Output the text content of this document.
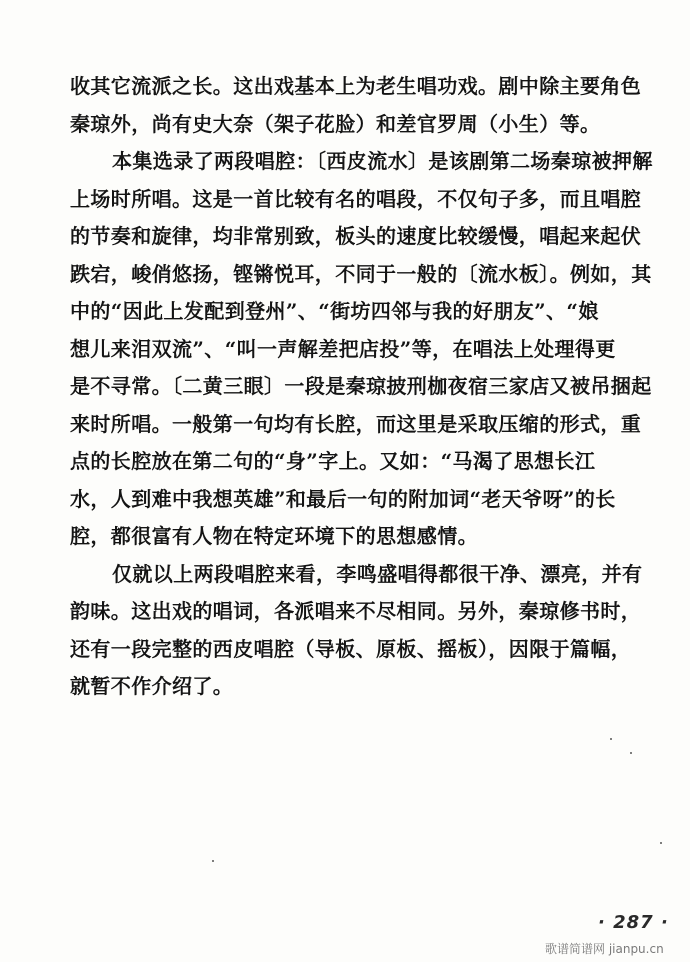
收其它流派之长。这出戏基本上为老生唱功戏。剧中除主要角色
秦琼外，尚有史大奈（架子花脸）和差官罗周（小生）等。
本集选录了两段唱腔：〔西皮流水〕是该剧第二场秦琼被押解
上场时所唱。这是一首比较有名的唱段，不仅句子多，而且唱腔
的节奏和旋律，均非常别致，板头的速度比较缓慢，唱起来起伏
跌宕，峻俏悠扬，铿锵悦耳，不同于一般的〔流水板〕。例如，其
中的“因此上发配到登州”、“街坊四邻与我的好朋友”、“娘
想儿来泪双流”、“叫一声解差把店投”等，在唱法上处理得更
是不寻常。〔二黄三眼〕一段是秦琼披刑枷夜宿三家店又被吊捆起
来时所唱。一般第一句均有长腔，而这里是采取压缩的形式，重
点的长腔放在第二句的“身”字上。又如：“马渴了思想长江
水，人到难中我想英雄”和最后一句的附加词“老天爷呀”的长
腔，都很富有人物在特定环境下的思想感情。
仅就以上两段唱腔来看，李鸣盛唱得都很干净、漂亮，并有
韵味。这出戏的唱词，各派唱来不尽相同。另外，秦琼修书时，
还有一段完整的西皮唱腔（导板、原板、摇板），因限于篇幅，
就暂不作介绍了。
· 287 ·
歌谱简谱网 jianpu.cn
